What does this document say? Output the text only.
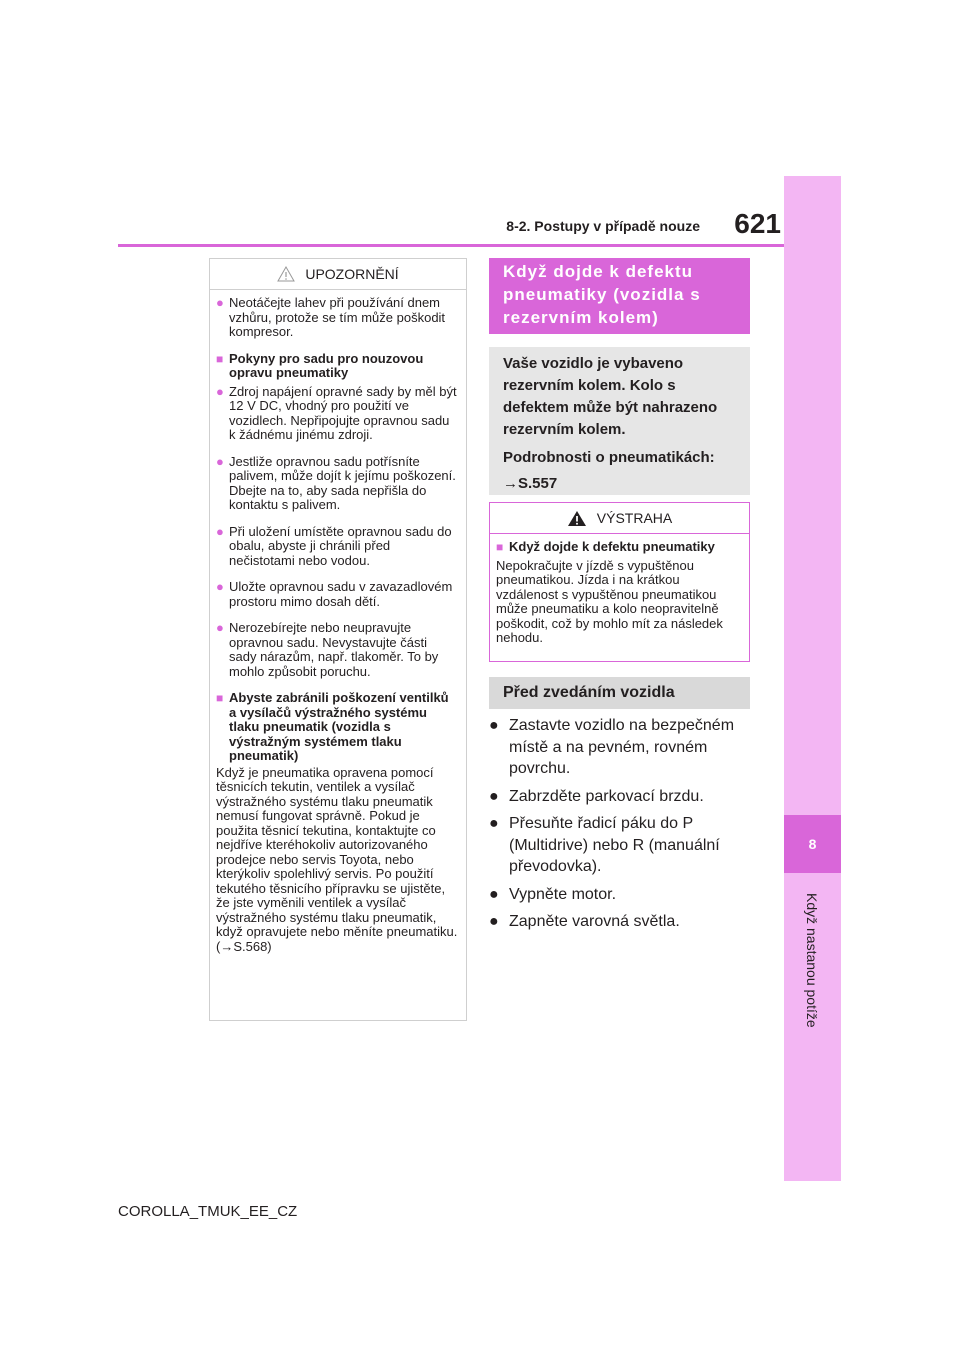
8
Když nastanou potíže
8-2. Postupy v případě nouze	621
UPOZORNĚNÍ
● Neotáčejte lahev při používání dnem vzhůru, protože se tím může poškodit kompresor.
■ Pokyny pro sadu pro nouzovou opravu pneumatiky
● Zdroj napájení opravné sady by měl být 12 V DC, vhodný pro použití ve vozidlech. Nepřipojujte opravnou sadu k žádnému jinému zdroji.
● Jestliže opravnou sadu potřísníte palivem, může dojít k jejímu poškození. Dbejte na to, aby sada nepřišla do kontaktu s palivem.
● Při uložení umístěte opravnou sadu do obalu, abyste ji chránili před nečistotami nebo vodou.
● Uložte opravnou sadu v zavazadlovém prostoru mimo dosah dětí.
● Nerozebírejte nebo neupravujte opravnou sadu. Nevystavujte části sady nárazům, např. tlakoměr. To by mohlo způsobit poruchu.
■ Abyste zabránili poškození ventilků a vysílačů výstražného systému tlaku pneumatik (vozidla s výstražným systémem tlaku pneumatik)
Když je pneumatika opravena pomocí těsnicích tekutin, ventilek a vysílač výstražného systému tlaku pneumatik nemusí fungovat správně. Pokud je použita těsnicí tekutina, kontaktujte co nejdříve kteréhokoliv autorizovaného prodejce nebo servis Toyota, nebo kterýkoliv spolehlivý servis. Po použití tekutého těsnicího přípravku se ujistěte, že jste vyměnili ventilek a vysílač výstražného systému tlaku pneumatik, když opravujete nebo měníte pneumatiku. (→S.568)
Když dojde k defektu pneumatiky (vozidla s rezervním kolem)
Vaše vozidlo je vybaveno rezervním kolem. Kolo s defektem může být nahrazeno rezervním kolem.
Podrobnosti o pneumatikách:
→S.557
VÝSTRAHA
■ Když dojde k defektu pneumatiky
Nepokračujte v jízdě s vypuštěnou pneumatikou. Jízda i na krátkou vzdálenost s vypuštěnou pneumatikou může pneumatiku a kolo neopravitelně poškodit, což by mohlo mít za následek nehodu.
Před zvedáním vozidla
● Zastavte vozidlo na bezpečném místě a na pevném, rovném povrchu.
● Zabrzděte parkovací brzdu.
● Přesuňte řadicí páku do P (Multidrive) nebo R (manuální převodovka).
● Vypněte motor.
● Zapněte varovná světla.
COROLLA_TMUK_EE_CZ
